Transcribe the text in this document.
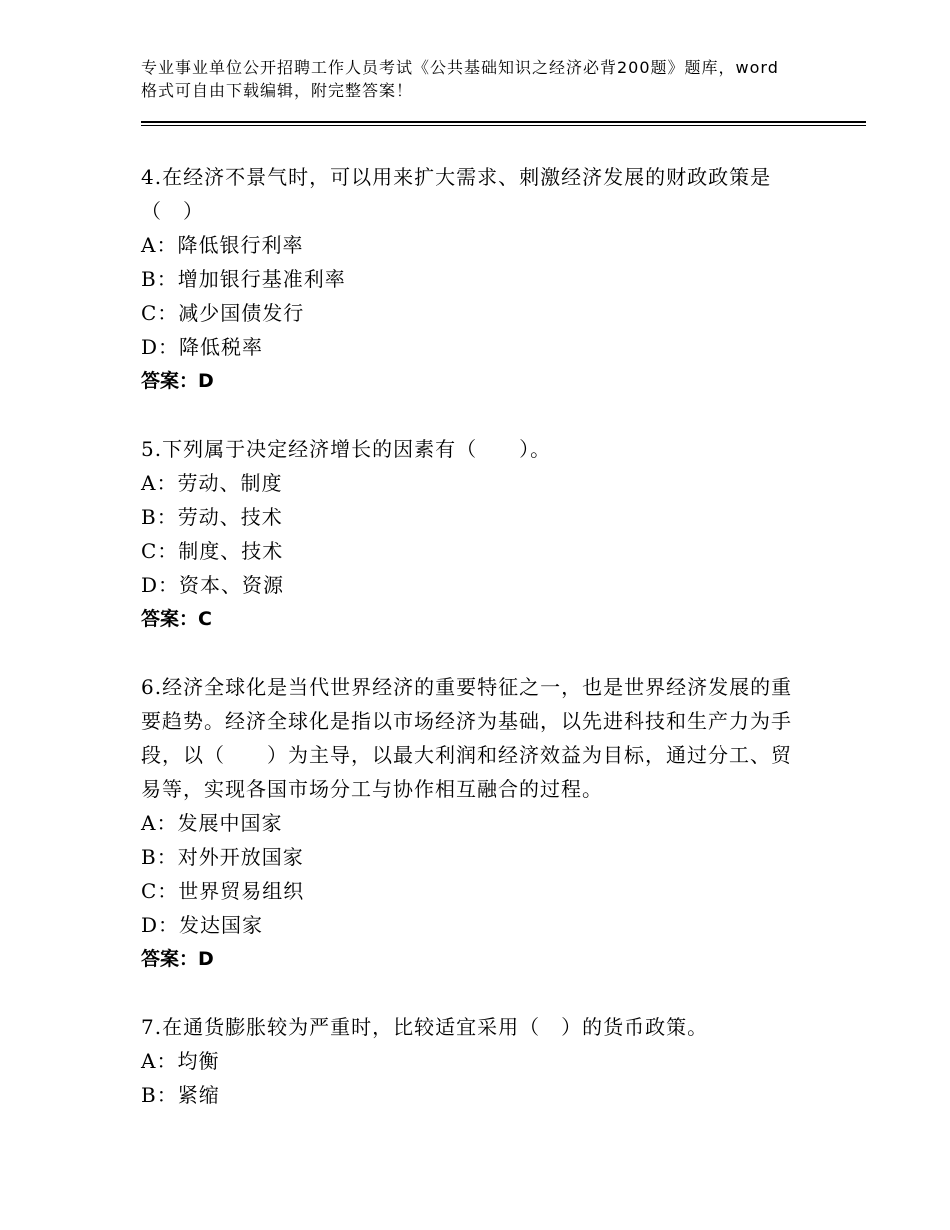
专业事业单位公开招聘工作人员考试《公共基础知识之经济必背200题》题库，word格式可自由下载编辑，附完整答案！
4.在经济不景气时，可以用来扩大需求、刺激经济发展的财政政策是（　）
A：降低银行利率
B：增加银行基准利率
C：减少国债发行
D：降低税率
答案：D
5.下列属于决定经济增长的因素有（　　）。
A：劳动、制度
B：劳动、技术
C：制度、技术
D：资本、资源
答案：C
6.经济全球化是当代世界经济的重要特征之一，也是世界经济发展的重要趋势。经济全球化是指以市场经济为基础，以先进科技和生产力为手段，以（　　）为主导，以最大利润和经济效益为目标，通过分工、贸易等，实现各国市场分工与协作相互融合的过程。
A：发展中国家
B：对外开放国家
C：世界贸易组织
D：发达国家
答案：D
7.在通货膨胀较为严重时，比较适宜采用（　）的货币政策。
A：均衡
B：紧缩
